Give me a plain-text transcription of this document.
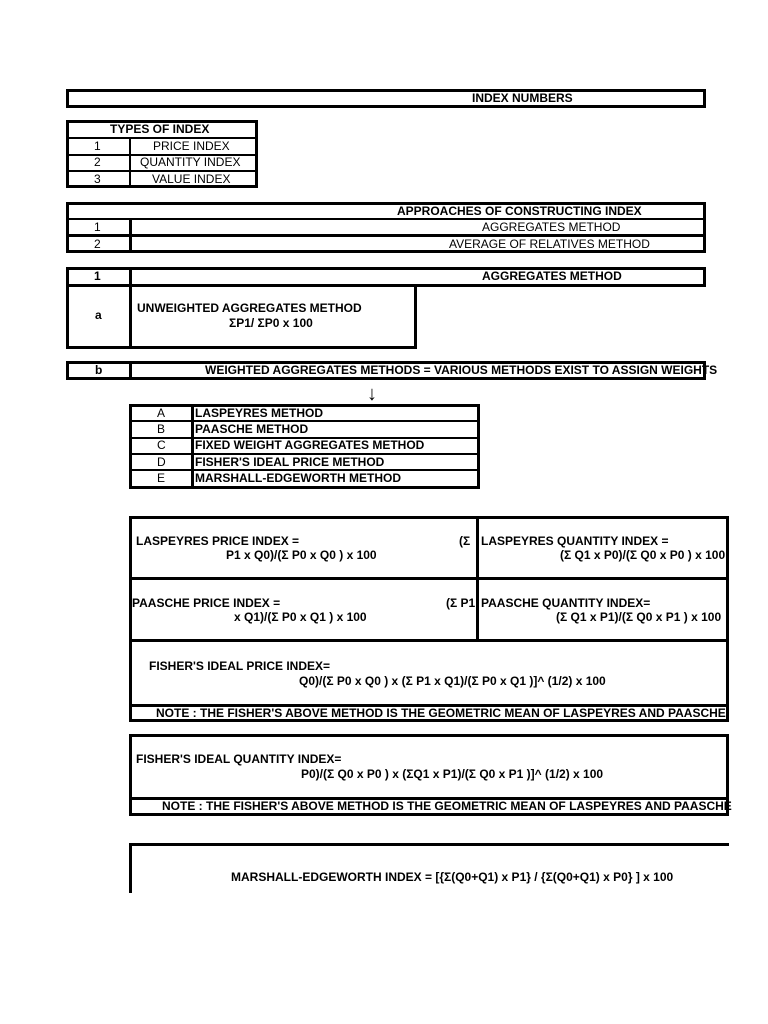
INDEX NUMBERS
TYPES OF INDEX
1	PRICE INDEX
2	QUANTITY INDEX
3	VALUE INDEX
APPROACHES OF CONSTRUCTING INDEX
1	AGGREGATES METHOD
2	AVERAGE OF RELATIVES METHOD
1	AGGREGATES METHOD
a	UNWEIGHTED AGGREGATES METHOD
ΣP1/ ΣP0 x 100
b	WEIGHTED AGGREGATES METHODS = VARIOUS METHODS EXIST TO ASSIGN WEIGHTS
↓
A LASPEYRES METHOD
B PAASCHE METHOD
C FIXED WEIGHT AGGREGATES METHOD
D FISHER'S IDEAL PRICE METHOD
E MARSHALL-EDGEWORTH METHOD
LASPEYRES PRICE INDEX =	(Σ
P1 x Q0)/(Σ P0 x Q0 ) x 100
LASPEYRES QUANTITY INDEX =
(Σ Q1 x P0)/(Σ Q0 x P0 ) x 100
PAASCHE PRICE INDEX =	(Σ P1
x Q1)/(Σ P0 x Q1 ) x 100
PAASCHE QUANTITY INDEX=
(Σ Q1 x P1)/(Σ Q0 x P1 ) x 100
FISHER'S IDEAL PRICE INDEX=
Q0)/(Σ P0 x Q0 ) x (Σ P1 x Q1)/(Σ P0 x Q1 )]^ (1/2) x 100
NOTE : THE FISHER'S ABOVE METHOD IS THE GEOMETRIC MEAN OF LASPEYRES AND PAASCHE
FISHER'S IDEAL QUANTITY INDEX=
P0)/(Σ Q0 x P0 ) x (ΣQ1 x P1)/(Σ Q0 x P1 )]^ (1/2) x 100
NOTE : THE FISHER'S ABOVE METHOD IS THE GEOMETRIC MEAN OF LASPEYRES AND PAASCHE
MARSHALL-EDGEWORTH INDEX = [{Σ(Q0+Q1) x P1} / {Σ(Q0+Q1) x P0} ] x 100
